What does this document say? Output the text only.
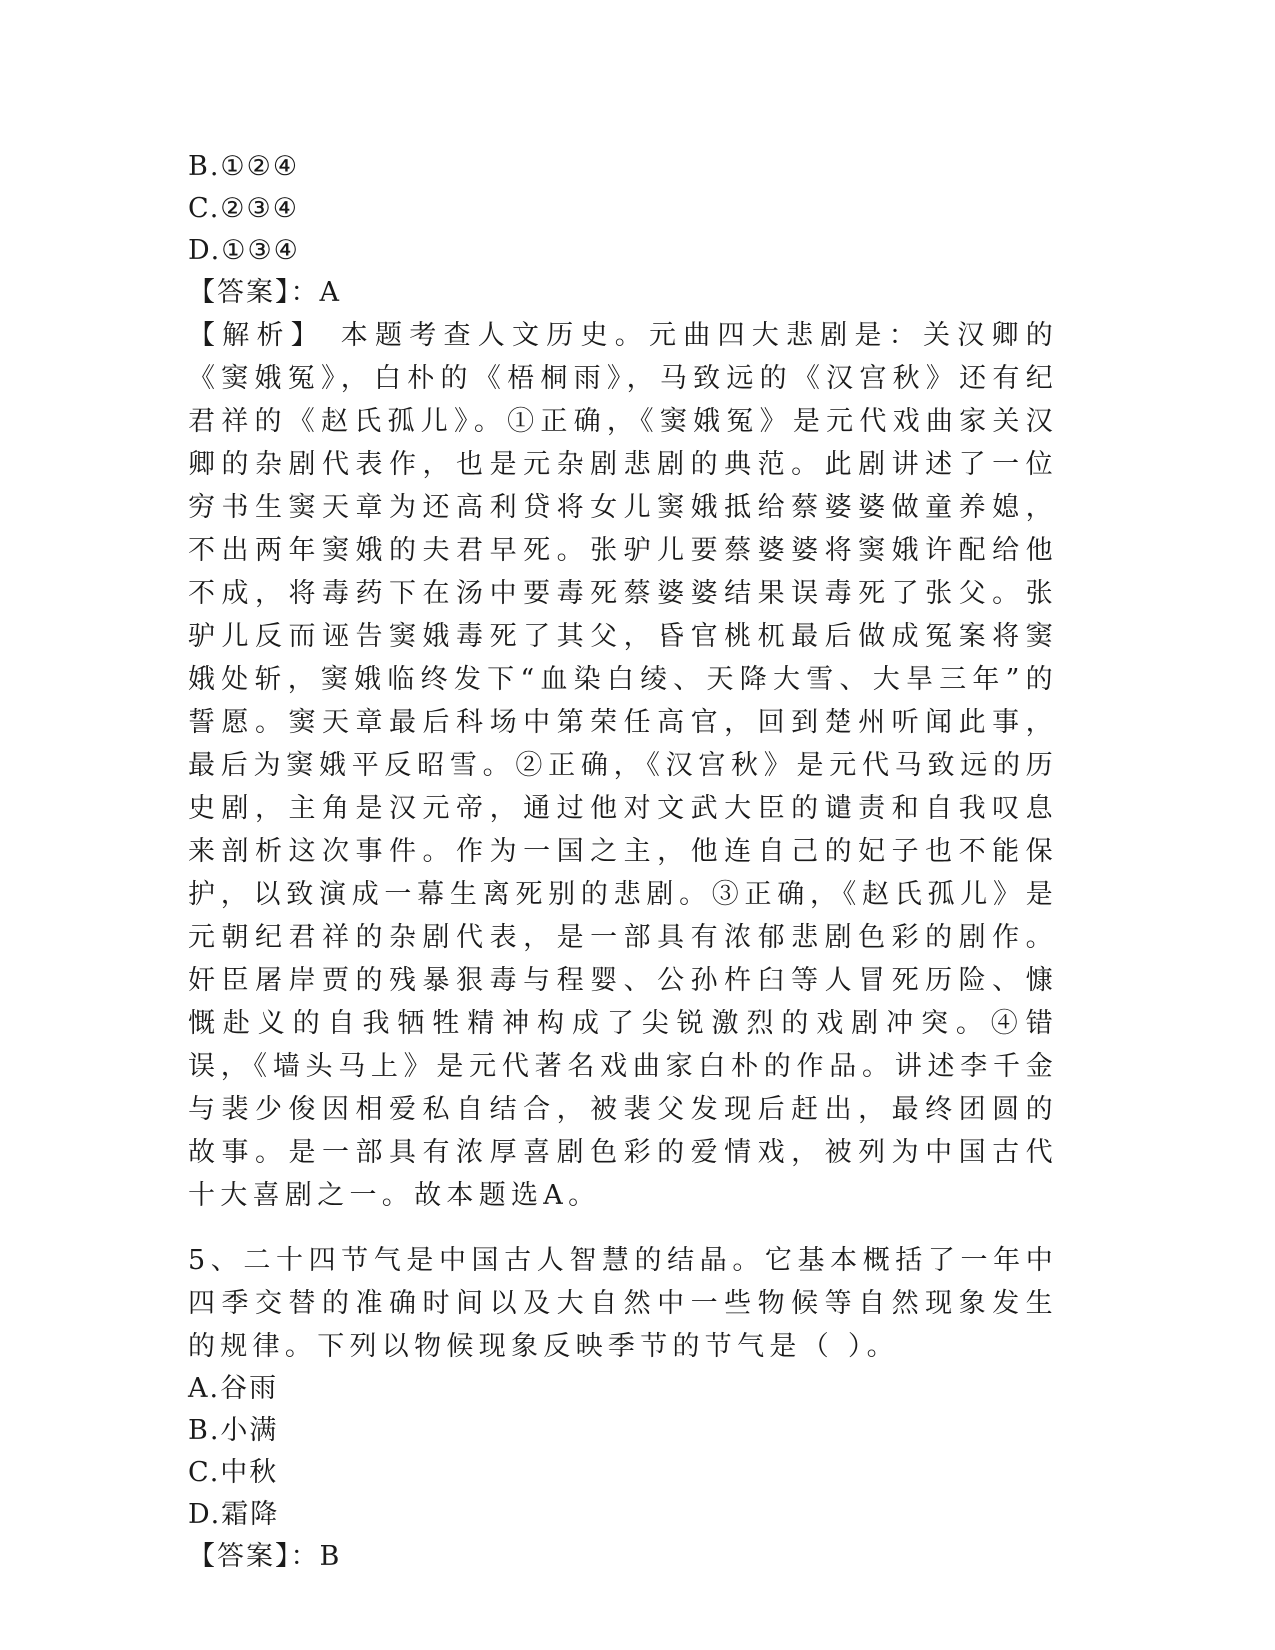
B.①②④
C.②③④
D.①③④
【答案】：A

【解析】 本题考查人文历史。元曲四大悲剧是：关汉卿的《窦娥冤》，白朴的《梧桐雨》，马致远的《汉宫秋》还有纪君祥的《赵氏孤儿》。①正确，《窦娥冤》是元代戏曲家关汉卿的杂剧代表作，也是元杂剧悲剧的典范。此剧讲述了一位穷书生窦天章为还高利贷将女儿窦娥抵给蔡婆婆做童养媳，不出两年窦娥的夫君早死。张驴儿要蔡婆婆将窦娥许配给他不成，将毒药下在汤中要毒死蔡婆婆结果误毒死了张父。张驴儿反而诬告窦娥毒死了其父，昏官桃杌最后做成冤案将窦娥处斩，窦娥临终发下“血染白绫、天降大雪、大旱三年”的誓愿。窦天章最后科场中第荣任高官，回到楚州听闻此事，最后为窦娥平反昭雪。②正确，《汉宫秋》是元代马致远的历史剧，主角是汉元帝，通过他对文武大臣的谴责和自我叹息来剖析这次事件。作为一国之主，他连自己的妃子也不能保护，以致演成一幕生离死别的悲剧。③正确，《赵氏孤儿》是元朝纪君祥的杂剧代表，是一部具有浓郁悲剧色彩的剧作。奸臣屠岸贾的残暴狠毒与程婴、公孙杵臼等人冒死历险、慷慨赴义的自我牺牲精神构成了尖锐激烈的戏剧冲突。④错误，《墙头马上》是元代著名戏曲家白朴的作品。讲述李千金与裴少俊因相爱私自结合，被裴父发现后赶出，最终团圆的故事。是一部具有浓厚喜剧色彩的爱情戏，被列为中国古代十大喜剧之一。故本题选A。

5、二十四节气是中国古人智慧的结晶。它基本概括了一年中四季交替的准确时间以及大自然中一些物候等自然现象发生的规律。下列以物候现象反映季节的节气是（ ）。

A.谷雨
B.小满
C.中秋
D.霜降
【答案】：B
